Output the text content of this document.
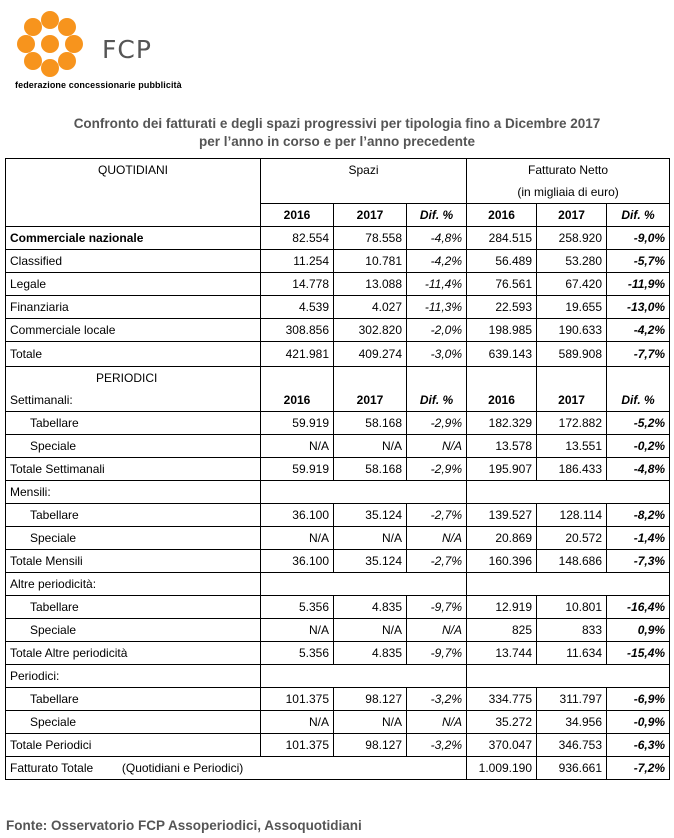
FCP
federazione concessionarie pubblicità
Confronto dei fatturati e degli spazi progressivi per tipologia fino a Dicembre 2017
per l’anno in corso e per l’anno precedente
QUOTIDIANI	Spazi			Fatturato Netto		
				(in migliaia di euro)		
	2016	2017	Dif. %	2016	2017	Dif. %
Commerciale nazionale	82.554	78.558	-4,8%	284.515	258.920	-9,0%
Classified	11.254	10.781	-4,2%	56.489	53.280	-5,7%
Legale	14.778	13.088	-11,4%	76.561	67.420	-11,9%
Finanziaria	4.539	4.027	-11,3%	22.593	19.655	-13,0%
Commerciale locale	308.856	302.820	-2,0%	198.985	190.633	-4,2%
Totale	421.981	409.274	-3,0%	639.143	589.908	-7,7%
PERIODICI						
Settimanali:	2016	2017	Dif. %	2016	2017	Dif. %
Tabellare	59.919	58.168	-2,9%	182.329	172.882	-5,2%
Speciale	N/A	N/A	N/A	13.578	13.551	-0,2%
Totale Settimanali	59.919	58.168	-2,9%	195.907	186.433	-4,8%
Mensili:						
Tabellare	36.100	35.124	-2,7%	139.527	128.114	-8,2%
Speciale	N/A	N/A	N/A	20.869	20.572	-1,4%
Totale Mensili	36.100	35.124	-2,7%	160.396	148.686	-7,3%
Altre periodicità:						
Tabellare	5.356	4.835	-9,7%	12.919	10.801	-16,4%
Speciale	N/A	N/A	N/A	825	833	0,9%
Totale Altre periodicità	5.356	4.835	-9,7%	13.744	11.634	-15,4%
Periodici:						
Tabellare	101.375	98.127	-3,2%	334.775	311.797	-6,9%
Speciale	N/A	N/A	N/A	35.272	34.956	-0,9%
Totale Periodici	101.375	98.127	-3,2%	370.047	346.753	-6,3%
Fatturato Totale (Quotidiani e Periodici)				1.009.190	936.661	-7,2%
Fonte: Osservatorio FCP Assoperiodici, Assoquotidiani
